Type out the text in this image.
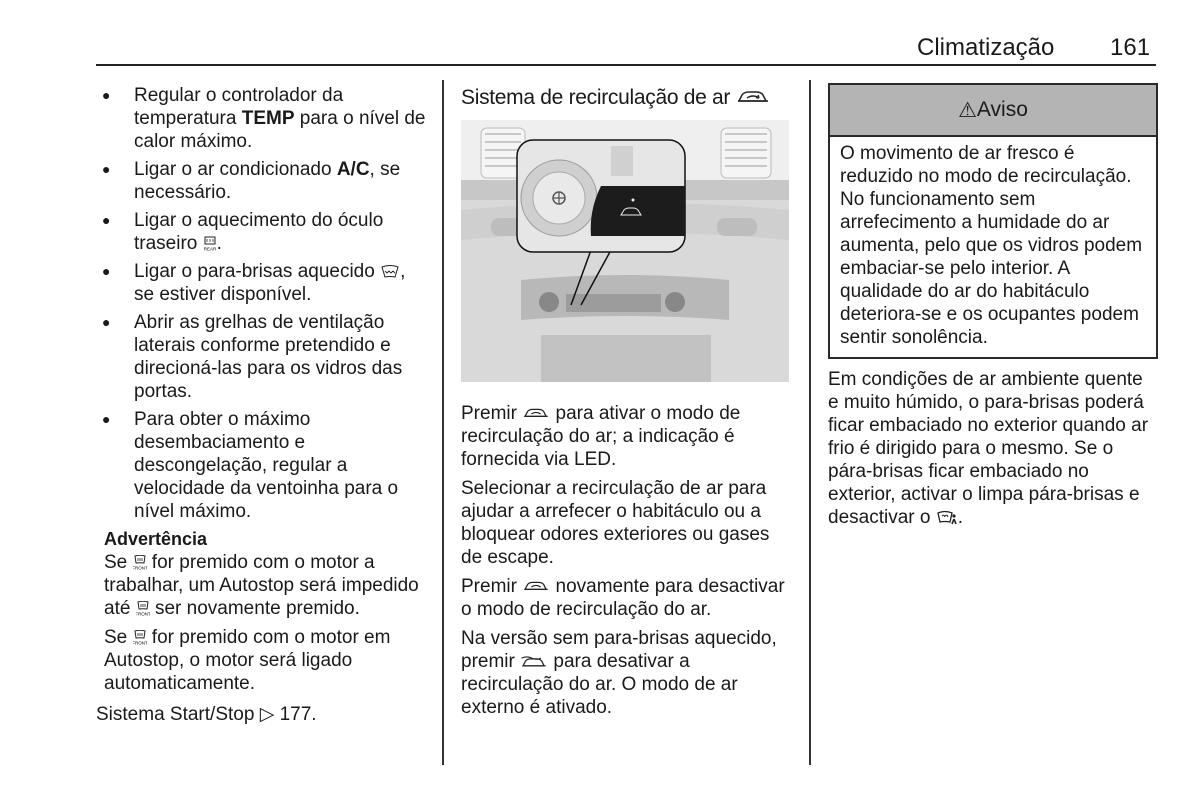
Climatização 161
● Regular o controlador da temperatura TEMP para o nível de calor máximo.
● Ligar o ar condicionado A/C, se necessário.
● Ligar o aquecimento do óculo traseiro REAR .
● Ligar o para-brisas aquecido , se estiver disponível.
● Abrir as grelhas de ventilação laterais conforme pretendido e direcioná-las para os vidros das portas.
● Para obter o máximo desembaciamento e descongelação, regular a velocidade da ventoinha para o nível máximo.
Advertência

Se FRONT for premido com o motor a trabalhar, um Autostop será impedido até FRONT ser novamente premido.

Se FRONT for premido com o motor em Autostop, o motor será ligado automaticamente.

Sistema Start/Stop ▷ 177.

Sistema de recirculação de ar

Premir  para ativar o modo de recirculação do ar; a indicação é fornecida via LED.

Selecionar a recirculação de ar para ajudar a arrefecer o habitáculo ou a bloquear odores exteriores ou gases de escape.

Premir  novamente para desactivar o modo de recirculação do ar.

Na versão sem para-brisas aquecido, premir  para desativar a recirculação do ar. O modo de ar externo é ativado.

⚠ Aviso
O movimento de ar fresco é reduzido no modo de recirculação. No funcionamento sem arrefecimento a humidade do ar aumenta, pelo que os vidros podem embaciar-se pelo interior. A qualidade do ar do habitáculo deteriora-se e os ocupantes podem sentir sonolência.

Em condições de ar ambiente quente e muito húmido, o para-brisas poderá ficar embaciado no exterior quando ar frio é dirigido para o mesmo. Se o pára-brisas ficar embaciado no exterior, activar o limpa pára-brisas e desactivar o .
